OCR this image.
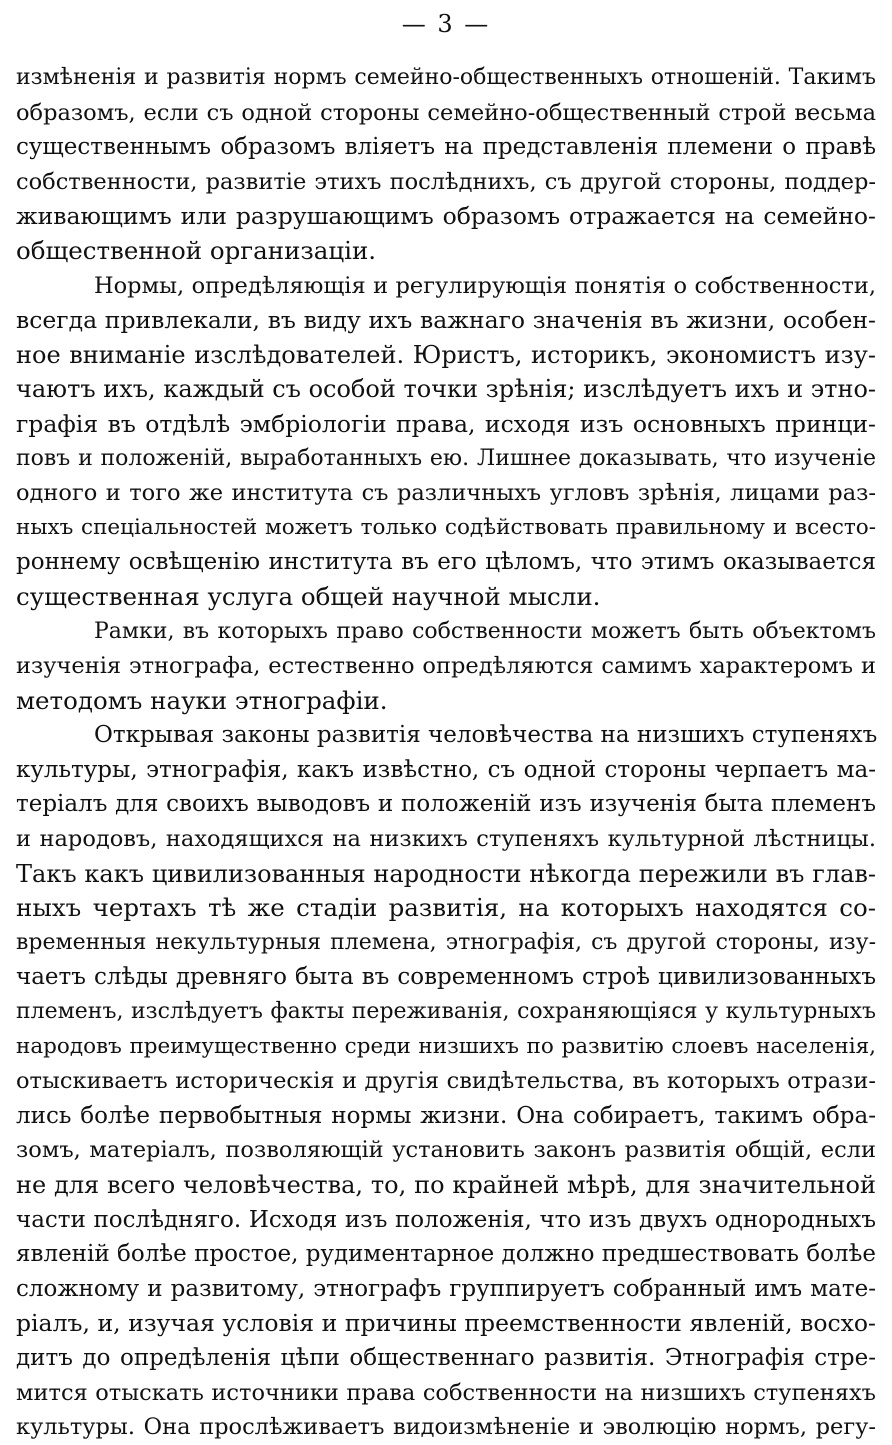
— 3 —
измѣненія и развитія нормъ семейно-общественныхъ отношеній. Такимъ
образомъ, если съ одной стороны семейно-общественный строй весьма
существеннымъ образомъ вліяетъ на представленія племени о правѣ
собственности, развитіе этихъ послѣднихъ, съ другой стороны, поддер-
живающимъ или разрушающимъ образомъ отражается на семейно-
общественной организаціи.
Нормы, опредѣляющія и регулирующія понятія о собственности,
всегда привлекали, въ виду ихъ важнаго значенія въ жизни, особен-
ное вниманіе изслѣдователей. Юристъ, историкъ, экономистъ изу-
чаютъ ихъ, каждый съ особой точки зрѣнія; изслѣдуетъ ихъ и этно-
графія въ отдѣлѣ эмбріологіи права, исходя изъ основныхъ принци-
повъ и положеній, выработанныхъ ею. Лишнее доказывать, что изученіе
одного и того же института съ различныхъ угловъ зрѣнія, лицами раз-
ныхъ спеціальностей можетъ только содѣйствовать правильному и всесто-
роннему освѣщенію института въ его цѣломъ, что этимъ оказывается
существенная услуга общей научной мысли.
Рамки, въ которыхъ право собственности можетъ быть объектомъ
изученія этнографа, естественно опредѣляются самимъ характеромъ и
методомъ науки этнографіи.
Открывая законы развитія человѣчества на низшихъ ступеняхъ
культуры, этнографія, какъ извѣстно, съ одной стороны черпаетъ ма-
теріалъ для своихъ выводовъ и положеній изъ изученія быта племенъ
и народовъ, находящихся на низкихъ ступеняхъ культурной лѣстницы.
Такъ какъ цивилизованныя народности нѣкогда пережили въ глав-
ныхъ чертахъ тѣ же стадіи развитія, на которыхъ находятся со-
временныя некультурныя племена, этнографія, съ другой стороны, изу-
чаетъ слѣды древняго быта въ современномъ строѣ цивилизованныхъ
племенъ, изслѣдуетъ факты переживанія, сохраняющіяся у культурныхъ
народовъ преимущественно среди низшихъ по развитію слоевъ населенія,
отыскиваетъ историческія и другія свидѣтельства, въ которыхъ отрази-
лись болѣе первобытныя нормы жизни. Она собираетъ, такимъ обра-
зомъ, матеріалъ, позволяющій установить законъ развитія общій, если
не для всего человѣчества, то, по крайней мѣрѣ, для значительной
части послѣдняго. Исходя изъ положенія, что изъ двухъ однородныхъ
явленій болѣе простое, рудиментарное должно предшествовать болѣе
сложному и развитому, этнографъ группируетъ собранный имъ мате-
ріалъ, и, изучая условія и причины преемственности явленій, восхо-
дитъ до опредѣленія цѣпи общественнаго развитія. Этнографія стре-
мится отыскать источники права собственности на низшихъ ступеняхъ
культуры. Она прослѣживаетъ видоизмѣненіе и эволюцію нормъ, регу-
